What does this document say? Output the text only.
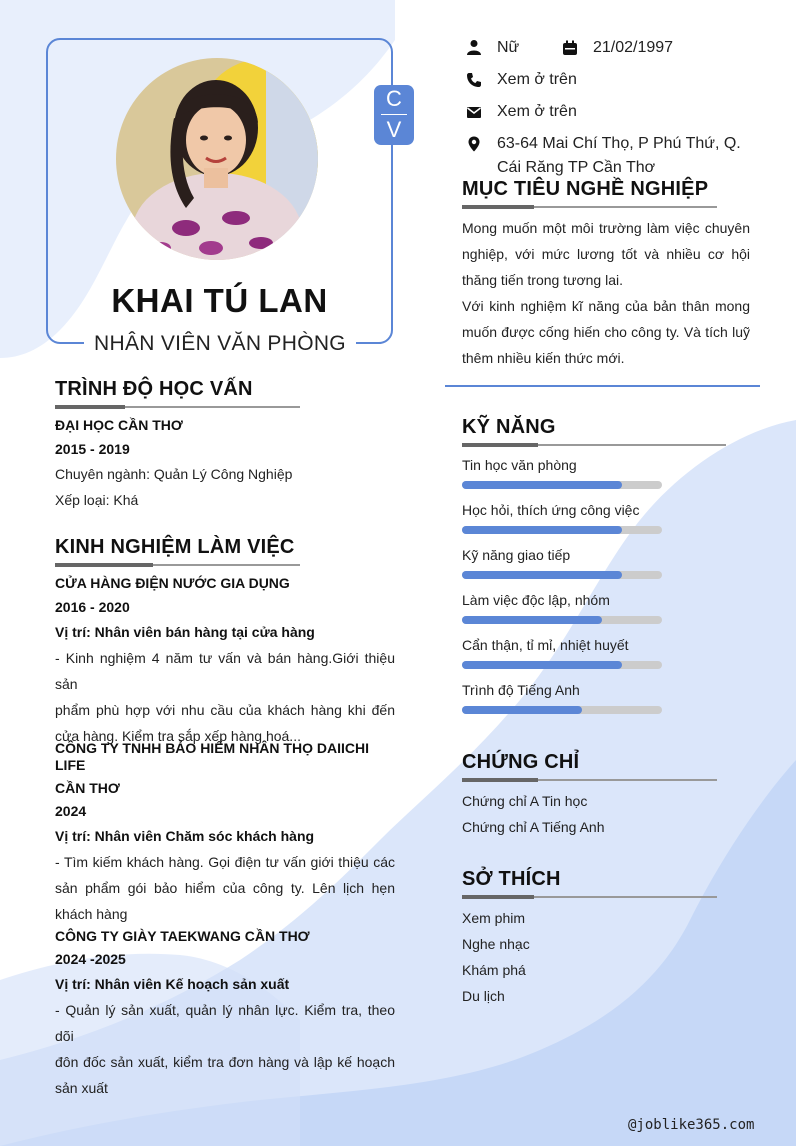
C
V
KHAI TÚ LAN
NHÂN VIÊN VĂN PHÒNG
Nữ	21/02/1997
Xem ở trên
Xem ở trên
63-64 Mai Chí Thọ, P Phú Thứ, Q.
Cái Răng TP Cần Thơ
MỤC TIÊU NGHỀ NGHIỆP
Mong muốn một môi trường làm việc chuyên
nghiệp, với mức lương tốt và nhiều cơ hội
thăng tiến trong tương lai.
Với kinh nghiệm kĩ năng của bản thân mong
muốn được cống hiến cho công ty. Và tích luỹ
thêm nhiều kiến thức mới.
TRÌNH ĐỘ HỌC VẤN
ĐẠI HỌC CẦN THƠ
2015 - 2019
Chuyên ngành: Quản Lý Công Nghiệp
Xếp loại: Khá
KINH NGHIỆM LÀM VIỆC
CỬA HÀNG ĐIỆN NƯỚC GIA DỤNG
2016 - 2020
Vị trí: Nhân viên bán hàng tại cửa hàng
- Kinh nghiệm 4 năm tư vấn và bán hàng.Giới thiệu sản
phẩm phù hợp với nhu cầu của khách hàng khi đến
cửa hàng. Kiểm tra sắp xếp hàng hoá...
CÔNG TY TNHH BẢO HIỂM NHÂN THỌ DAIICHI LIFE
CẦN THƠ
2024
Vị trí: Nhân viên Chăm sóc khách hàng
- Tìm kiếm khách hàng. Gọi điện tư vấn giới thiệu các
sản phẩm gói bảo hiểm của công ty. Lên lịch hẹn
khách hàng
CÔNG TY GIÀY TAEKWANG CẦN THƠ
2024 -2025
Vị trí: Nhân viên Kế hoạch sản xuất
- Quản lý sản xuất, quản lý nhân lực. Kiểm tra, theo dõi
đôn đốc sản xuất, kiểm tra đơn hàng và lập kế hoạch
sản xuất
KỸ NĂNG
Tin học văn phòng
Học hỏi, thích ứng công việc
Kỹ năng giao tiếp
Làm việc độc lập, nhóm
Cẩn thận, tỉ mỉ, nhiệt huyết
Trình độ Tiếng Anh
CHỨNG CHỈ
Chứng chỉ A Tin học
Chứng chỉ A Tiếng Anh
SỞ THÍCH
Xem phim
Nghe nhạc
Khám phá
Du lịch
@joblike365.com
